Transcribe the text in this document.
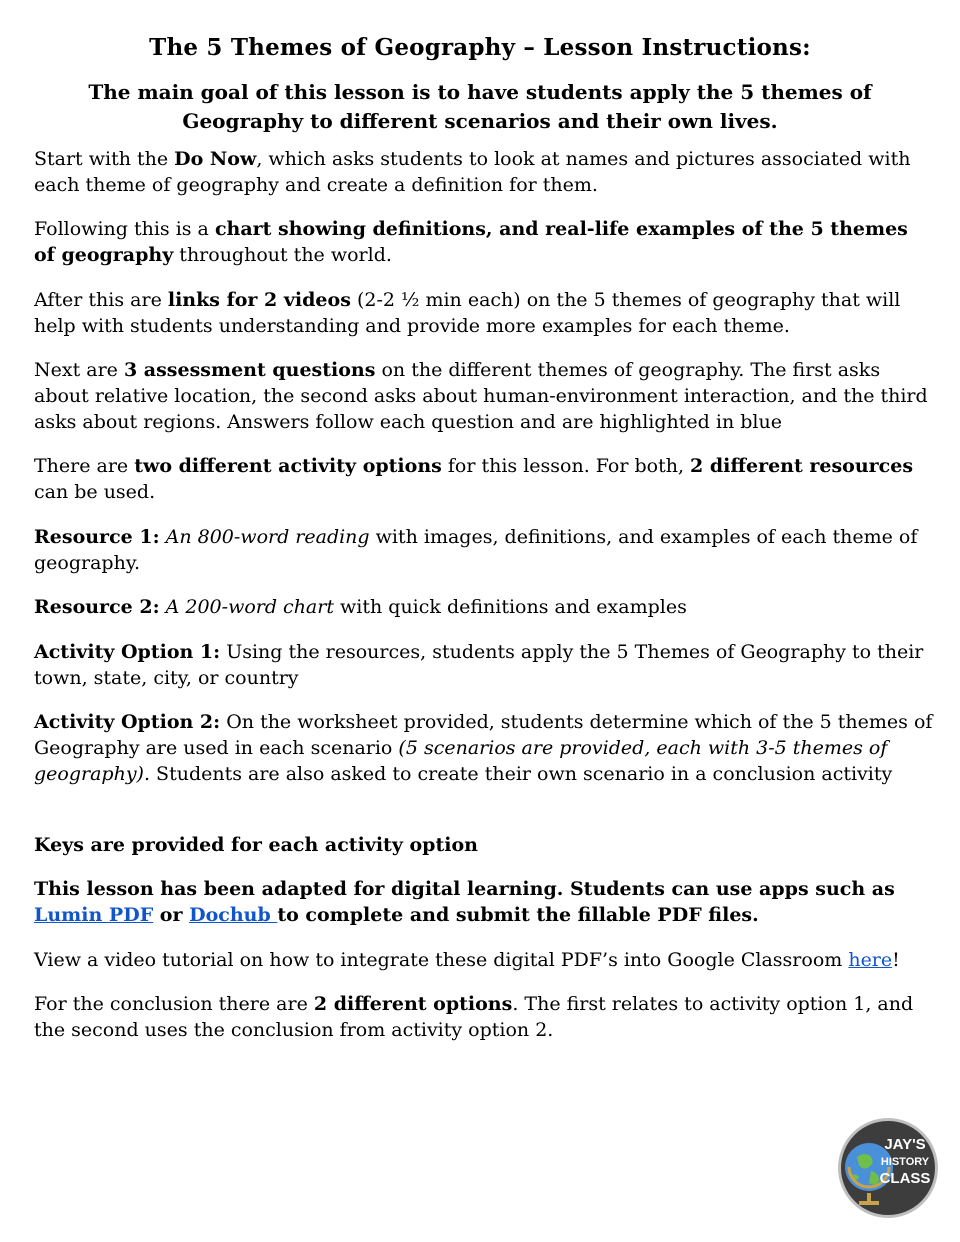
The 5 Themes of Geography – Lesson Instructions:
The main goal of this lesson is to have students apply the 5 themes of Geography to different scenarios and their own lives.

Start with the Do Now, which asks students to look at names and pictures associated with each theme of geography and create a definition for them.

Following this is a chart showing definitions, and real-life examples of the 5 themes of geography throughout the world.

After this are links for 2 videos (2-2 ½ min each) on the 5 themes of geography that will help with students understanding and provide more examples for each theme.

Next are 3 assessment questions on the different themes of geography. The first asks about relative location, the second asks about human-environment interaction, and the third asks about regions. Answers follow each question and are highlighted in blue

There are two different activity options for this lesson. For both, 2 different resources can be used.

Resource 1: An 800-word reading with images, definitions, and examples of each theme of geography.

Resource 2: A 200-word chart with quick definitions and examples

Activity Option 1: Using the resources, students apply the 5 Themes of Geography to their town, state, city, or country

Activity Option 2: On the worksheet provided, students determine which of the 5 themes of Geography are used in each scenario (5 scenarios are provided, each with 3-5 themes of geography). Students are also asked to create their own scenario in a conclusion activity

Keys are provided for each activity option

This lesson has been adapted for digital learning. Students can use apps such as Lumin PDF or Dochub to complete and submit the fillable PDF files.

View a video tutorial on how to integrate these digital PDF’s into Google Classroom here!

For the conclusion there are 2 different options. The first relates to activity option 1, and the second uses the conclusion from activity option 2.

JAY'S
HISTORY
CLASS
